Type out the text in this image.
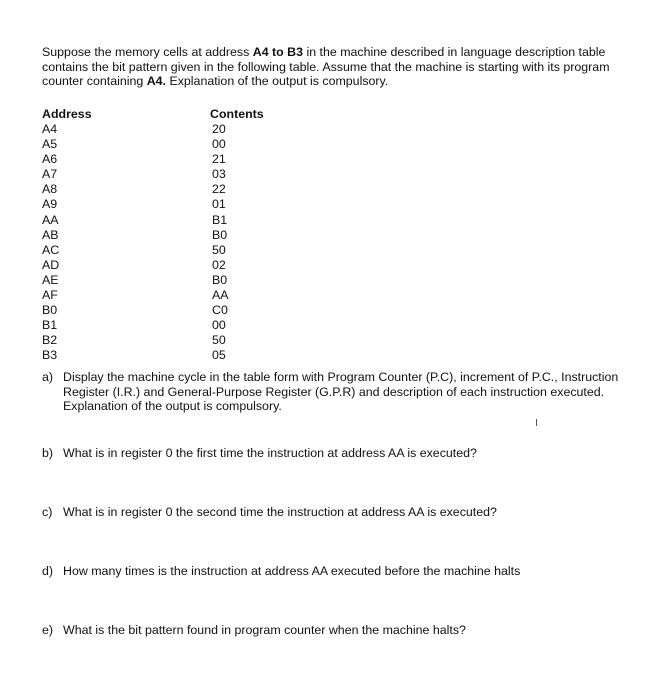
Suppose the memory cells at address A4 to B3 in the machine described in language description table contains the bit pattern given in the following table. Assume that the machine is starting with its program counter containing A4. Explanation of the output is compulsory.
Address	Contents
A4	20
A5	00
A6	21
A7	03
A8	22
A9	01
AA	B1
AB	B0
AC	50
AD	02
AE	B0
AF	AA
B0	C0
B1	00
B2	50
B3	05
a) Display the machine cycle in the table form with Program Counter (P.C), increment of P.C., Instruction Register (I.R.) and General-Purpose Register (G.P.R) and description of each instruction executed. Explanation of the output is compulsory.
b) What is in register 0 the first time the instruction at address AA is executed?
c) What is in register 0 the second time the instruction at address AA is executed?
d) How many times is the instruction at address AA executed before the machine halts
e) What is the bit pattern found in program counter when the machine halts?
